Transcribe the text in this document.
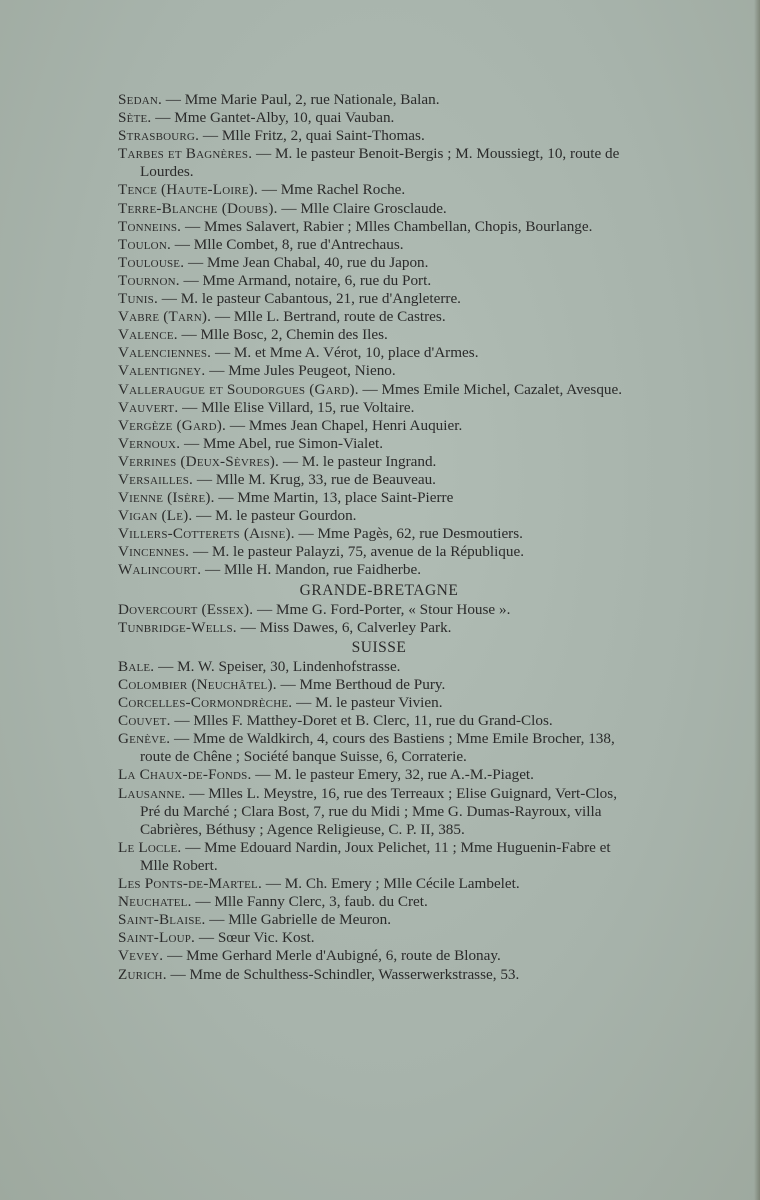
Sedan. — Mme Marie Paul, 2, rue Nationale, Balan.

Sète. — Mme Gantet-Alby, 10, quai Vauban.

Strasbourg. — Mlle Fritz, 2, quai Saint-Thomas.

Tarbes et Bagnères. — M. le pasteur Benoit-Bergis ; M. Moussiegt, 10, route de Lourdes.

Tence (Haute-Loire). — Mme Rachel Roche.

Terre-Blanche (Doubs). — Mlle Claire Grosclaude.

Tonneins. — Mmes Salavert, Rabier ; Mlles Chambellan, Chopis, Bourlange.

Toulon. — Mlle Combet, 8, rue d'Antrechaus.

Toulouse. — Mme Jean Chabal, 40, rue du Japon.

Tournon. — Mme Armand, notaire, 6, rue du Port.

Tunis. — M. le pasteur Cabantous, 21, rue d'Angleterre.

Vabre (Tarn). — Mlle L. Bertrand, route de Castres.

Valence. — Mlle Bosc, 2, Chemin des Iles.

Valenciennes. — M. et Mme A. Vérot, 10, place d'Armes.

Valentigney. — Mme Jules Peugeot, Nieno.

Valleraugue et Soudorgues (Gard). — Mmes Emile Michel, Cazalet, Avesque.

Vauvert. — Mlle Elise Villard, 15, rue Voltaire.

Vergèze (Gard). — Mmes Jean Chapel, Henri Auquier.

Vernoux. — Mme Abel, rue Simon-Vialet.

Verrines (Deux-Sèvres). — M. le pasteur Ingrand.

Versailles. — Mlle M. Krug, 33, rue de Beauveau.

Vienne (Isère). — Mme Martin, 13, place Saint-Pierre

Vigan (Le). — M. le pasteur Gourdon.

Villers-Cotterets (Aisne). — Mme Pagès, 62, rue Desmoutiers.

Vincennes. — M. le pasteur Palayzi, 75, avenue de la République.

Walincourt. — Mlle H. Mandon, rue Faidherbe.

GRANDE-BRETAGNE

Dovercourt (Essex). — Mme G. Ford-Porter, « Stour House ».

Tunbridge-Wells. — Miss Dawes, 6, Calverley Park.

SUISSE

Bale. — M. W. Speiser, 30, Lindenhofstrasse.

Colombier (Neuchâtel). — Mme Berthoud de Pury.

Corcelles-Cormondrèche. — M. le pasteur Vivien.

Couvet. — Mlles F. Matthey-Doret et B. Clerc, 11, rue du Grand-Clos.

Genève. — Mme de Waldkirch, 4, cours des Bastiens ; Mme Emile Brocher, 138, route de Chêne ; Société banque Suisse, 6, Corraterie.

La Chaux-de-Fonds. — M. le pasteur Emery, 32, rue A.-M.-Piaget.

Lausanne. — Mlles L. Meystre, 16, rue des Terreaux ; Elise Guignard, Vert-Clos, Pré du Marché ; Clara Bost, 7, rue du Midi ; Mme G. Dumas-Rayroux, villa Cabrières, Béthusy ; Agence Religieuse, C. P. II, 385.

Le Locle. — Mme Edouard Nardin, Joux Pelichet, 11 ; Mme Huguenin-Fabre et Mlle Robert.

Les Ponts-de-Martel. — M. Ch. Emery ; Mlle Cécile Lambelet.

Neuchatel. — Mlle Fanny Clerc, 3, faub. du Cret.

Saint-Blaise. — Mlle Gabrielle de Meuron.

Saint-Loup. — Sœur Vic. Kost.

Vevey. — Mme Gerhard Merle d'Aubigné, 6, route de Blonay.

Zurich. — Mme de Schulthess-Schindler, Wasserwerkstrasse, 53.
